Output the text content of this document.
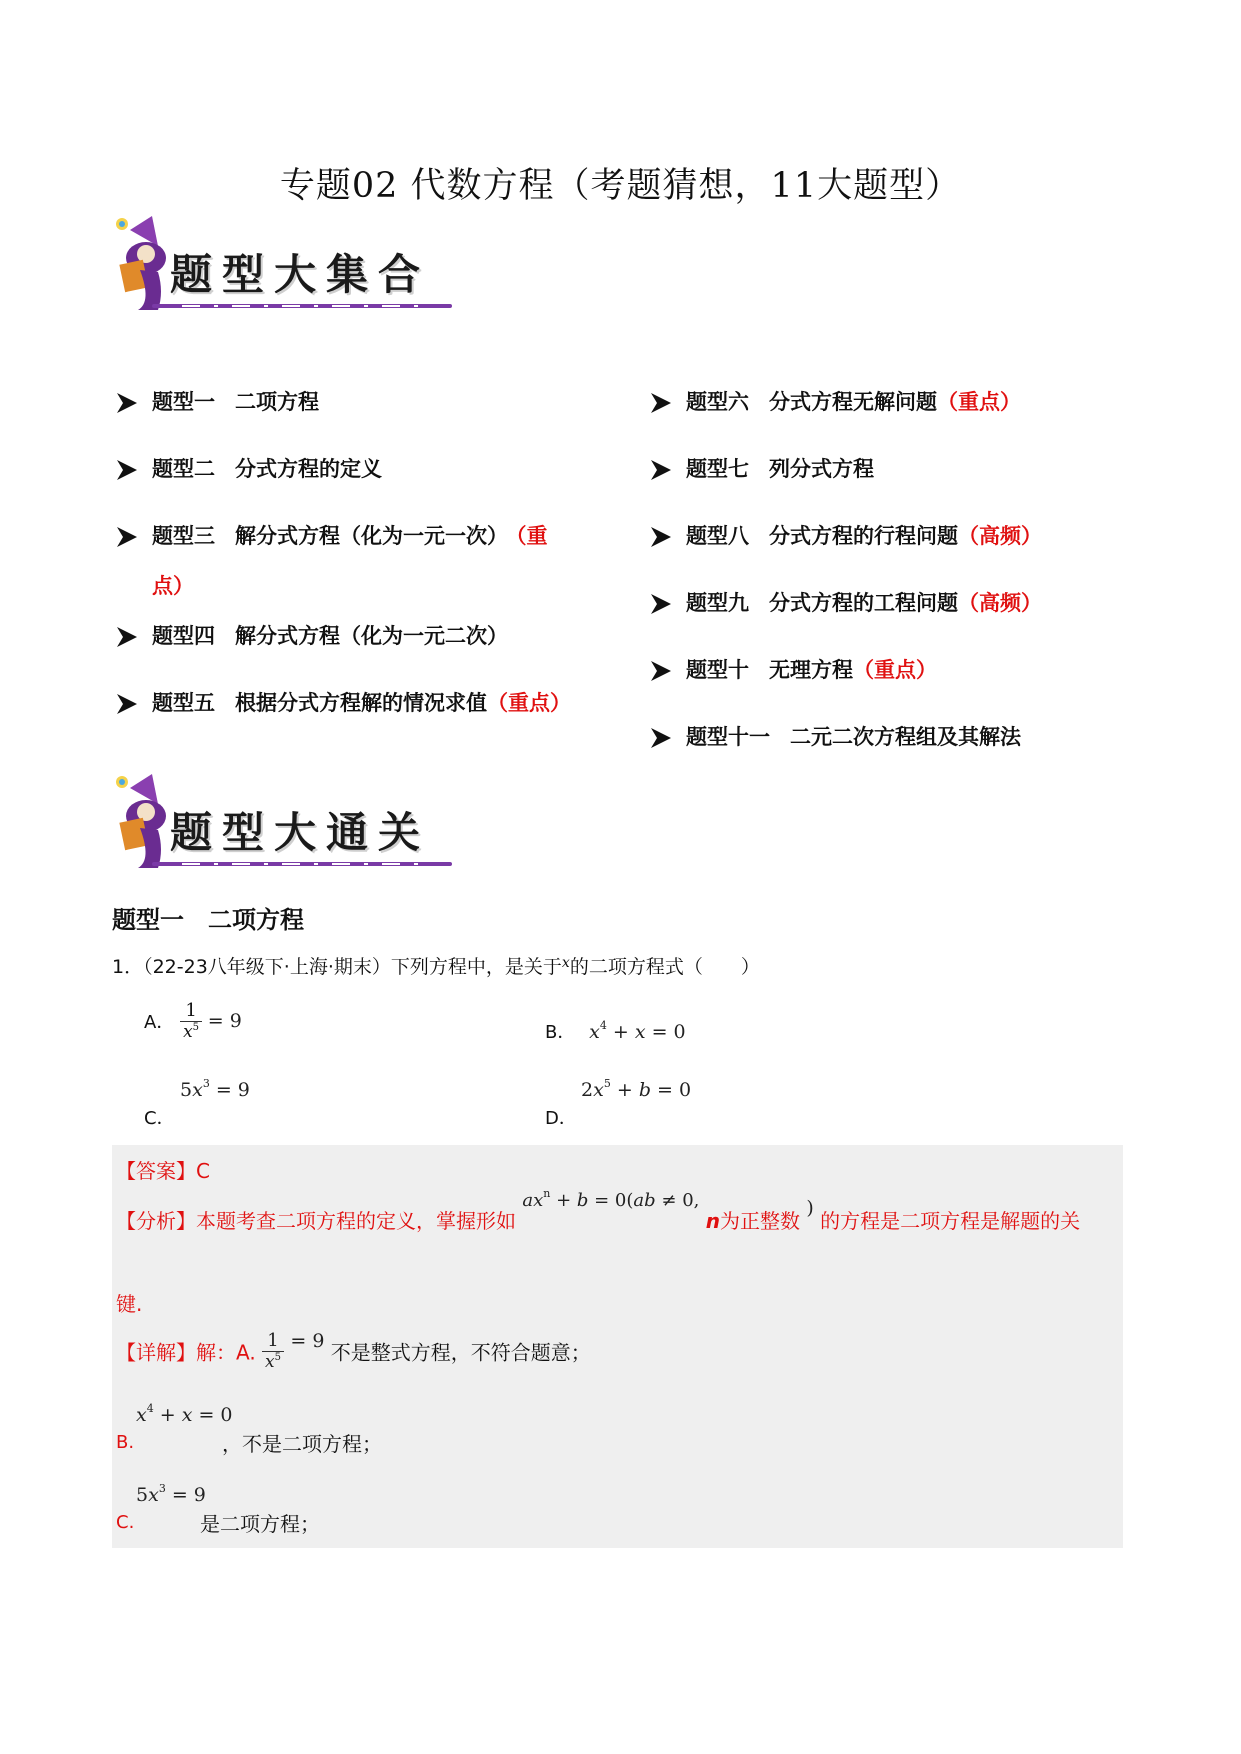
专题02 代数方程（考题猜想，11大题型）
题型大集合
题型一 二项方程
题型二 分式方程的定义
题型三 解分式方程（化为一元一次） （重
点）
题型四 解分式方程（化为一元二次）
题型五 根据分式方程解的情况求值（重点）
题型六 分式方程无解问题（重点）
题型七 列分式方程
题型八 分式方程的行程问题（高频）
题型九 分式方程的工程问题（高频）
题型十 无理方程（重点）
题型十一 二元二次方程组及其解法
题型大通关
题型一　二项方程
1．（22-23八年级下·上海·期末）下列方程中，是关于$^x$的二项方程式（　　）
A． $\frac{1}{x^5} = 9$
B． $x^4 + x = 0$
$5x^3 = 9$
C．
$2x^5 + b = 0$
D．
【答案】C
【分析】本题考查二项方程的定义，掌握形如 $ax^n + b = 0(ab \ne 0$, n为正整数 ) 的方程是二项方程是解题的关
键.
【详解】解：A. $\frac{1}{x^5} = 9$ 不是整式方程，不符合题意；
$x^4 + x = 0$
B.	，不是二项方程；
$5x^3 = 9$
C.	是二项方程；
